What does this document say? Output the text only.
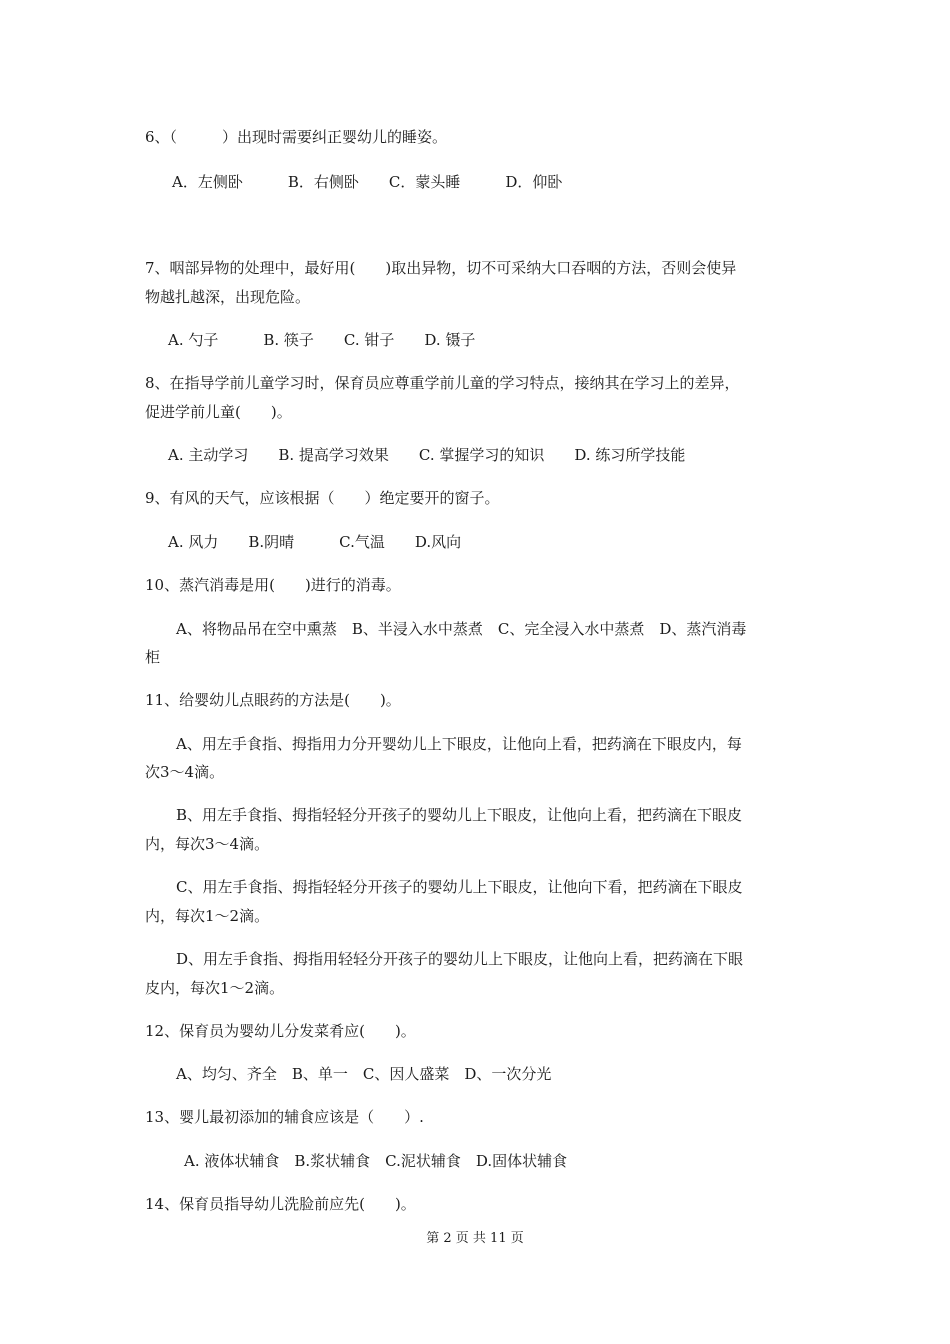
6、（　　　）出现时需要纠正婴幼儿的睡姿。
A．左侧卧　　　B．右侧卧　　C．蒙头睡　　　D．仰卧
7、咽部异物的处理中，最好用(　　)取出异物，切不可采纳大口吞咽的方法，否则会使异
物越扎越深，出现危险。
A. 勺子　　　B. 筷子　　C. 钳子　　D. 镊子
8、在指导学前儿童学习时，保育员应尊重学前儿童的学习特点，接纳其在学习上的差异，
促进学前儿童(　　)。
A. 主动学习　　B. 提高学习效果　　C. 掌握学习的知识　　D. 练习所学技能
9、有风的天气，应该根据（　　）绝定要开的窗子。
A. 风力　　B.阴晴　　　C.气温　　D.风向
10、蒸汽消毒是用(　　)进行的消毒。
A、将物品吊在空中熏蒸　B、半浸入水中蒸煮　C、完全浸入水中蒸煮　D、蒸汽消毒
柜
11、给婴幼儿点眼药的方法是(　　)。
A、用左手食指、拇指用力分开婴幼儿上下眼皮，让他向上看，把药滴在下眼皮内，每
次3～4滴。
B、用左手食指、拇指轻轻分开孩子的婴幼儿上下眼皮，让他向上看，把药滴在下眼皮
内，每次3～4滴。
C、用左手食指、拇指轻轻分开孩子的婴幼儿上下眼皮，让他向下看，把药滴在下眼皮
内，每次1～2滴。
D、用左手食指、拇指用轻轻分开孩子的婴幼儿上下眼皮，让他向上看，把药滴在下眼
皮内，每次1～2滴。
12、保育员为婴幼儿分发菜肴应(　　)。
A、均匀、齐全　B、单一　C、因人盛菜　D、一次分光
13、婴儿最初添加的辅食应该是（　　）.
A. 液体状辅食　B.浆状辅食　C.泥状辅食　D.固体状辅食
14、保育员指导幼儿洗脸前应先(　　)。
第 2 页 共 11 页
